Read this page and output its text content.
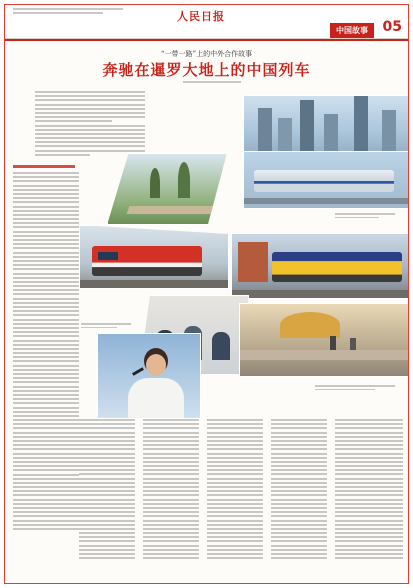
人民日报
中国故事	05
“一带一路”上的中外合作故事
奔驰在暹罗大地上的中国列车
